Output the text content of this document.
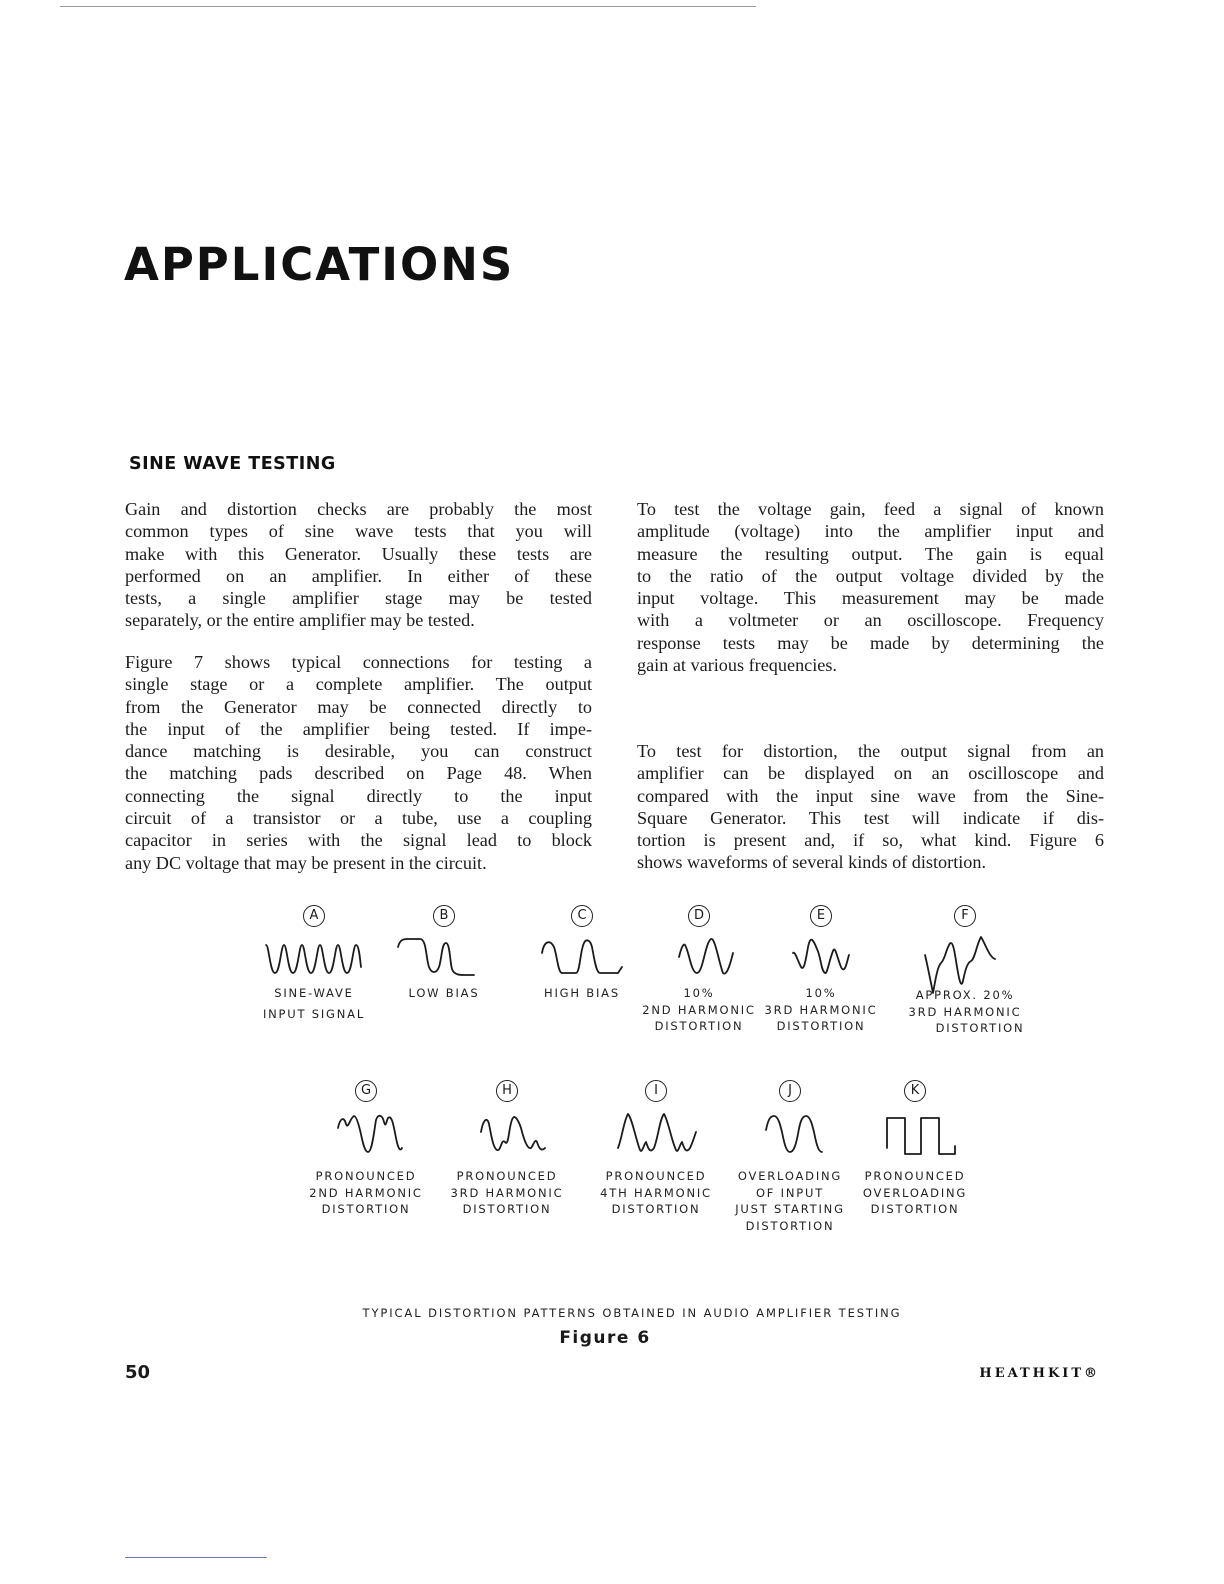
APPLICATIONS
SINE WAVE TESTING

Gain and distortion checks are probably the most
common types of sine wave tests that you will
make with this Generator. Usually these tests are
performed on an amplifier. In either of these
tests, a single amplifier stage may be tested
separately, or the entire amplifier may be tested.

Figure 7 shows typical connections for testing a
single stage or a complete amplifier. The output
from the Generator may be connected directly to
the input of the amplifier being tested. If impe-
dance matching is desirable, you can construct
the matching pads described on Page 48. When
connecting the signal directly to the input
circuit of a transistor or a tube, use a coupling
capacitor in series with the signal lead to block
any DC voltage that may be present in the circuit.

To test the voltage gain, feed a signal of known
amplitude (voltage) into the amplifier input and
measure the resulting output. The gain is equal
to the ratio of the output voltage divided by the
input voltage. This measurement may be made
with a voltmeter or an oscilloscope. Frequency
response tests may be made by determining the
gain at various frequencies.

To test for distortion, the output signal from an
amplifier can be displayed on an oscilloscope and
compared with the input sine wave from the Sine-
Square Generator. This test will indicate if dis-
tortion is present and, if so, what kind. Figure 6
shows waveforms of several kinds of distortion.

A
SINE-WAVE
INPUT SIGNAL
B
LOW BIAS
C
HIGH BIAS
D
10%
2ND HARMONIC
DISTORTION
E
10%
3RD HARMONIC
DISTORTION
F
APPROX. 20%
3RD HARMONIC
DISTORTION
G
PRONOUNCED
2ND HARMONIC
DISTORTION
H
PRONOUNCED
3RD HARMONIC
DISTORTION
I
PRONOUNCED
4TH HARMONIC
DISTORTION
J
OVERLOADING
OF INPUT
JUST STARTING
DISTORTION
K
PRONOUNCED
OVERLOADING
DISTORTION

TYPICAL DISTORTION PATTERNS OBTAINED IN AUDIO AMPLIFIER TESTING

Figure 6

50	HEATHKIT®
